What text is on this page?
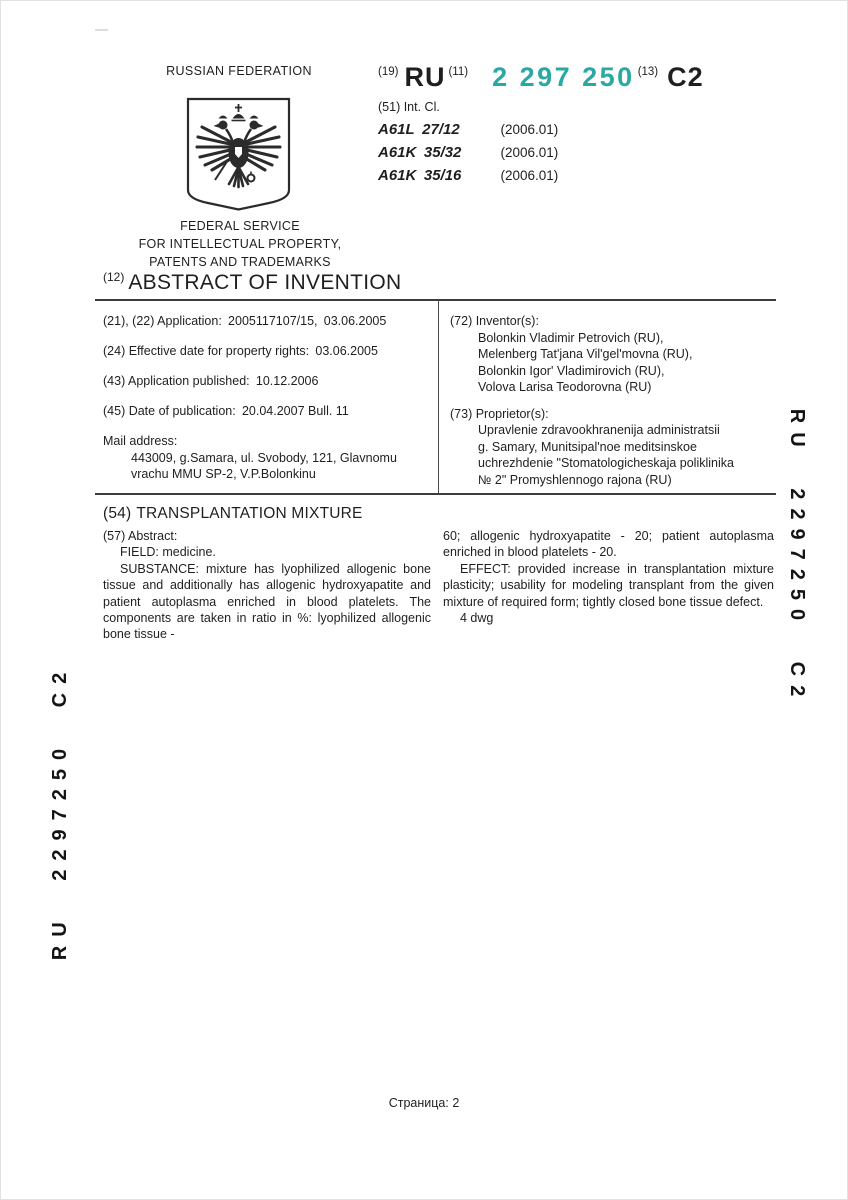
RUSSIAN FEDERATION
FEDERAL SERVICE
FOR INTELLECTUAL PROPERTY,
PATENTS AND TRADEMARKS
$^{(19)}$ RU $^{(11)}$ 2 297 250 $^{(13)}$ C2
(51) Int. Cl.
A61L 27/12	(2006.01)
A61K 35/32	(2006.01)
A61K 35/16	(2006.01)
$^{(12)}$ ABSTRACT OF INVENTION
(21), (22) Application: 2005117107/15, 03.06.2005
(24) Effective date for property rights: 03.06.2005
(43) Application published: 10.12.2006
(45) Date of publication: 20.04.2007 Bull. 11
Mail address:
443009, g.Samara, ul. Svobody, 121, Glavnomu
vrachu MMU SP-2, V.P.Bolonkinu
(72) Inventor(s):
Bolonkin Vladimir Petrovich (RU),
Melenberg Tat'jana Vil'gel'movna (RU),
Bolonkin Igor' Vladimirovich (RU),
Volova Larisa Teodorovna (RU)
(73) Proprietor(s):
Upravlenie zdravookhranenija administratsii
g. Samary, Munitsipal'noe meditsinskoe
uchrezhdenie "Stomatologicheskaja poliklinika
№ 2" Promyshlennogo rajona (RU)
(54) TRANSPLANTATION MIXTURE

(57) Abstract:

FIELD: medicine.

SUBSTANCE: mixture has lyophilized allogenic bone tissue and additionally has allogenic hydroxyapatite and patient autoplasma enriched in blood platelets. The components are taken in ratio in %: lyophilized allogenic bone tissue -

60; allogenic hydroxyapatite - 20; patient autoplasma enriched in blood platelets - 20.

EFFECT: provided increase in transplantation mixture plasticity; usability for modeling transplant from the given mixture of required form; tightly closed bone tissue defect.

4 dwg	RU 2297250 C2
RU 2297250 C2
Страница: 2
